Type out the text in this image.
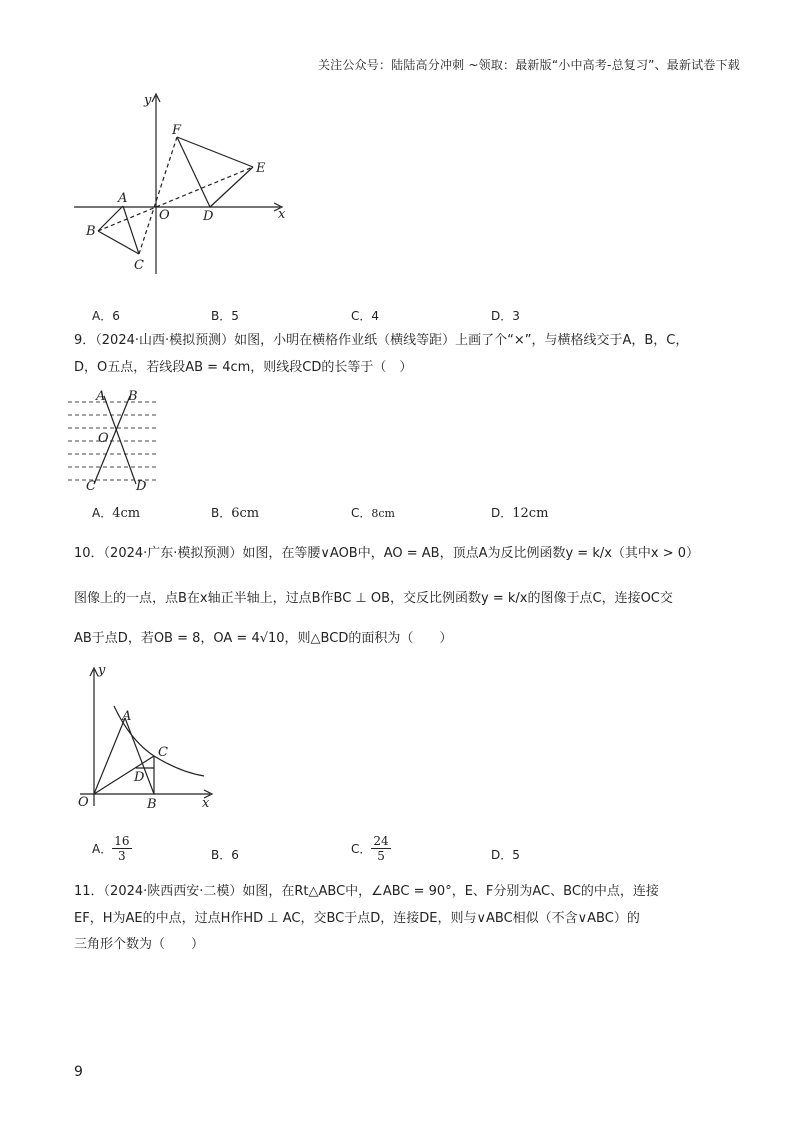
关注公众号：陆陆高分冲刺 ~领取：最新版“小中高考-总复习”、最新试卷下载
y
x
F
E
A
B
O	D
C
A．6	B．5	C．4	D．3
9．（2024·山西·模拟预测）如图，小明在横格作业纸（横线等距）上画了个“×”，与横格线交于A，B，C，
D，O五点，若线段AB = 4cm，则线段CD的长等于（　）
A B
O
C	D
A．4cm	B．6cm	C．8cm	D．12cm
10．（2024·广东·模拟预测）如图，在等腰∨AOB中，AO = AB，顶点A为反比例函数y = k/x（其中x > 0）
图像上的一点，点B在x轴正半轴上，过点B作BC ⊥ OB，交反比例函数y = k/x的图像于点C，连接OC交
AB于点D，若OB = 8，OA = 4√10，则△BCD的面积为（　　）
y
A
C
D
O	B	x
A． $\frac{16}{3}$	B．6	C． $\frac{24}{5}$	D．5
11．（2024·陕西西安·二模）如图，在Rt△ABC中，∠ABC = 90°，E、F分别为AC、BC的中点，连接
EF，H为AE的中点，过点H作HD ⊥ AC，交BC于点D，连接DE，则与∨ABC相似（不含∨ABC）的
三角形个数为（　　）
9
